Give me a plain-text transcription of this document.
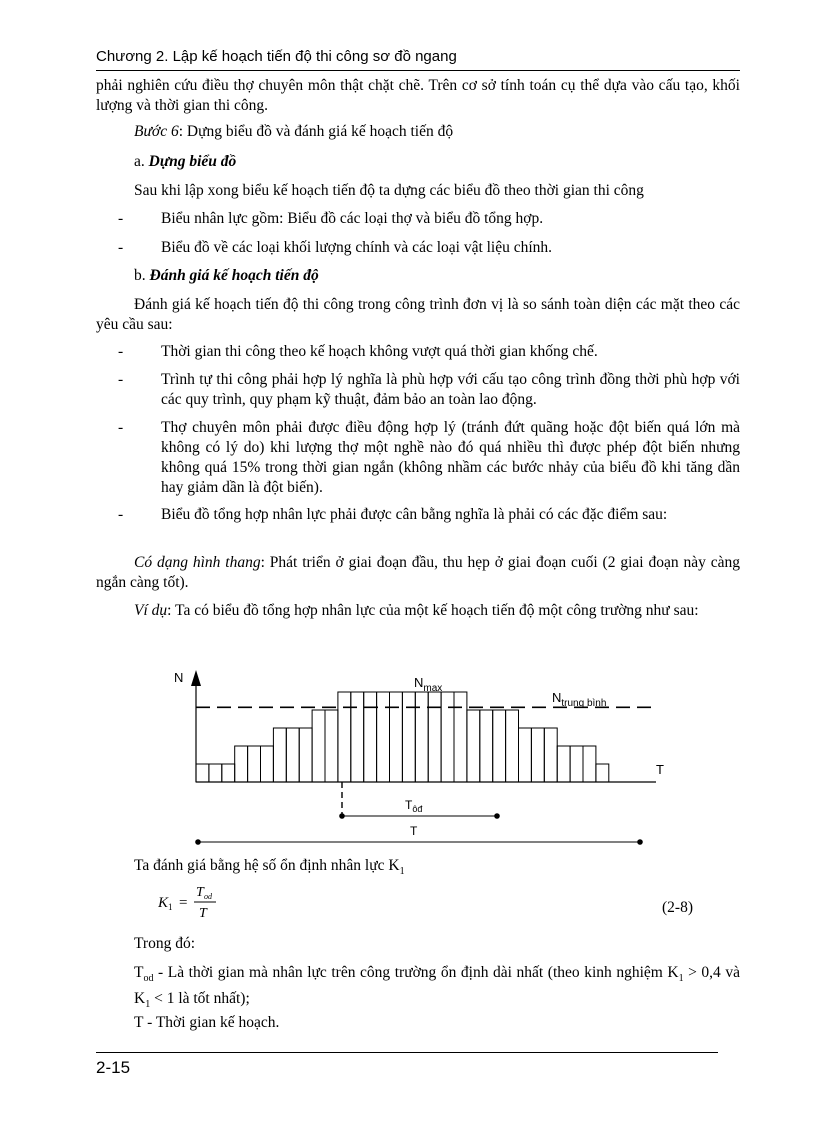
Chương 2. Lập kế hoạch tiến độ thi công sơ đồ ngang
phải nghiên cứu điều thợ chuyên môn thật chặt chẽ. Trên cơ sở tính toán cụ thể dựa vào cấu tạo, khối lượng và thời gian thi công.
Bước 6: Dựng biểu đồ và đánh giá kế hoạch tiến độ
a. Dựng biểu đồ
Sau khi lập xong biểu kế hoạch tiến độ ta dựng các biểu đồ theo thời gian thi công
- Biểu nhân lực gồm: Biểu đồ các loại thợ và biểu đồ tổng hợp.
- Biểu đồ về các loại khối lượng chính và các loại vật liệu chính.
b. Đánh giá kế hoạch tiến độ
Đánh giá kế hoạch tiến độ thi công trong công trình đơn vị là so sánh toàn diện các mặt theo các yêu cầu sau:
- Thời gian thi công theo kế hoạch không vượt quá thời gian khống chế.
- Trình tự thi công phải hợp lý nghĩa là phù hợp với cấu tạo công trình đồng thời phù hợp với các quy trình, quy phạm kỹ thuật, đảm bảo an toàn lao động.
- Thợ chuyên môn phải được điều động hợp lý (tránh đứt quãng hoặc đột biến quá lớn mà không có lý do) khi lượng thợ một nghề nào đó quá nhiều thì được phép đột biến nhưng không quá 15% trong thời gian ngắn (không nhầm các bước nhảy của biểu đồ khi tăng dần hay giảm dần là đột biến).
- Biểu đồ tổng hợp nhân lực phải được cân bằng nghĩa là phải có các đặc điểm sau:
Có dạng hình thang: Phát triển ở giai đoạn đầu, thu hẹp ở giai đoạn cuối (2 giai đoạn này càng ngắn càng tốt).
Ví dụ: Ta có biểu đồ tổng hợp nhân lực của một kế hoạch tiến độ một công trường như sau:
N
T
$N_{max}$
$N_{trung bình}$
$T_{ôđ}$
T
Ta đánh giá bằng hệ số ổn định nhân lực $K_1$
K 1 =
T od
T	(2-8)
Trong đó:
$T_{od}$ - Là thời gian mà nhân lực trên công trường ổn định dài nhất (theo kinh nghiệm $K_1 > 0,4$ và $K_1 < 1$ là tốt nhất);
T - Thời gian kế hoạch.
2-15
